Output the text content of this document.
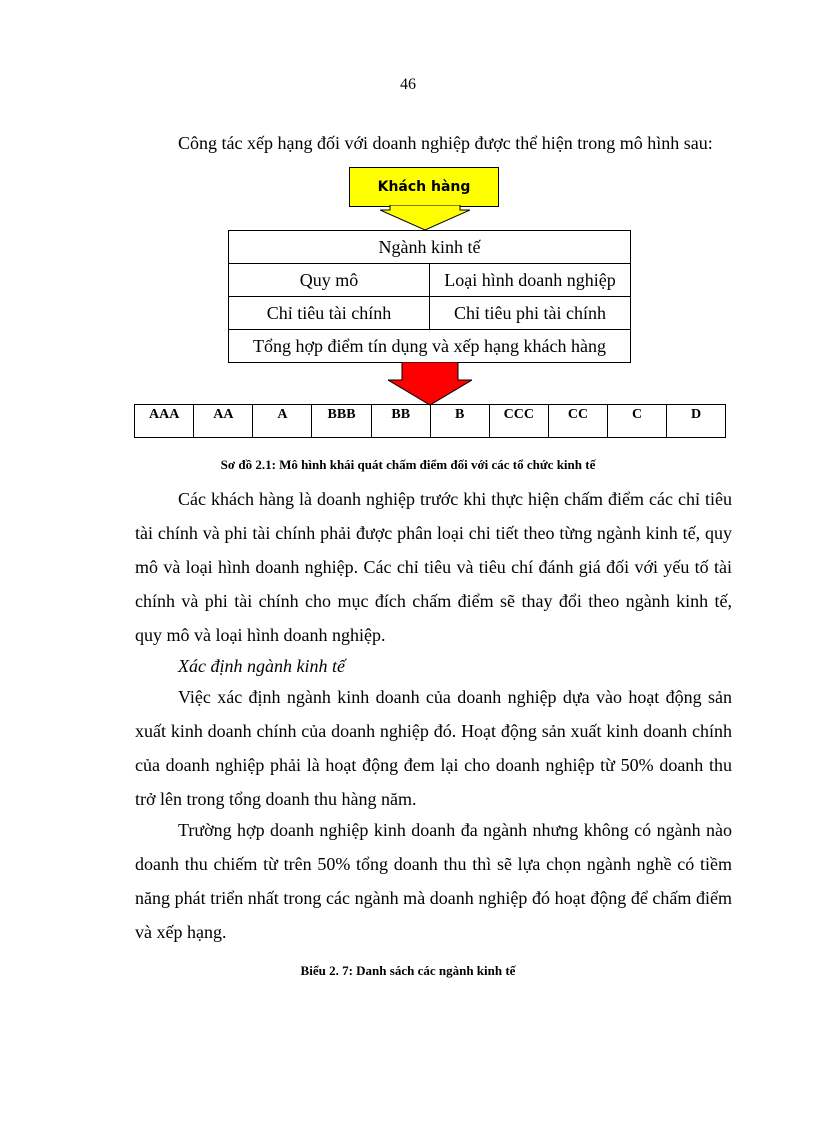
46
Công tác xếp hạng đối với doanh nghiệp được thể hiện trong mô hình sau:
Khách hàng
Ngành kinh tế	
Quy mô	Loại hình doanh nghiệp
Chỉ tiêu tài chính	Chỉ tiêu phi tài chính
Tổng hợp điểm tín dụng và xếp hạng khách hàng	
AAA	AA	A	BBB	BB	B	CCC	CC	C	D
Sơ đồ 2.1: Mô hình khái quát chấm điểm đối với các tổ chức kinh tế

Các khách hàng là doanh nghiệp trước khi thực hiện chấm điểm các chỉ tiêu tài chính và phi tài chính phải được phân loại chi tiết theo từng ngành kinh tế, quy mô và loại hình doanh nghiệp. Các chỉ tiêu và tiêu chí đánh giá đối với yếu tố tài chính và phi tài chính cho mục đích chấm điểm sẽ thay đổi theo ngành kinh tế, quy mô và loại hình doanh nghiệp.

Xác định ngành kinh tế

Việc xác định ngành kinh doanh của doanh nghiệp dựa vào hoạt động sản xuất kinh doanh chính của doanh nghiệp đó. Hoạt động sản xuất kinh doanh chính của doanh nghiệp phải là hoạt động đem lại cho doanh nghiệp từ 50% doanh thu trở lên trong tổng doanh thu hàng năm.

Trường hợp doanh nghiệp kinh doanh đa ngành nhưng không có ngành nào doanh thu chiếm từ trên 50% tổng doanh thu thì sẽ lựa chọn ngành nghề có tiềm năng phát triển nhất trong các ngành mà doanh nghiệp đó hoạt động để chấm điểm và xếp hạng.

Biểu 2. 7: Danh sách các ngành kinh tế
